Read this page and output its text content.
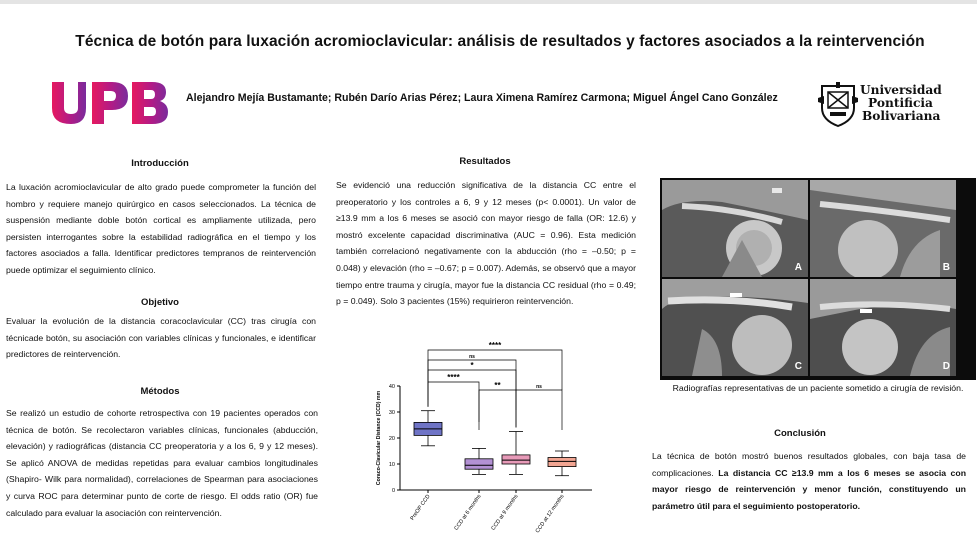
Técnica de botón para luxación acromioclavicular: análisis de resultados y factores asociados a la reintervención
UPB
Alejandro Mejía Bustamante; Rubén Darío Arias Pérez; Laura Ximena Ramírez Carmona; Miguel Ángel Cano González
Universidad
Pontificia
Bolivariana
Introducción
La luxación acromioclavicular de alto grado puede comprometer la función del hombro y requiere manejo quirúrgico en casos seleccionados. La técnica de suspensión mediante doble botón cortical es ampliamente utilizada, pero persisten interrogantes sobre la estabilidad radiográfica en el tiempo y los factores asociados a falla. Identificar predictores tempranos de reintervención puede optimizar el seguimiento clínico.
Objetivo
Evaluar la evolución de la distancia coracoclavicular (CC) tras cirugía con técnicade botón, su asociación con variables clínicas y funcionales, e identificar predictores de reintervención.
Métodos
Se realizó un estudio de cohorte retrospectiva con 19 pacientes operados con técnica de botón. Se recolectaron variables clínicas, funcionales (abducción, elevación) y radiográficas (distancia CC preoperatoria y a los 6, 9 y 12 meses). Se aplicó ANOVA de medidas repetidas para evaluar cambios longitudinales (Shapiro- Wilk para normalidad), correlaciones de Spearman para asociaciones y curva ROC para determinar punto de corte de riesgo. El odds ratio (OR) fue calculado para evaluar la asociación con reintervención.
Resultados
Se evidenció una reducción significativa de la distancia CC entre el preoperatorio y los controles a 6, 9 y 12 meses (p< 0.0001). Un valor de ≥13.9 mm a los 6 meses se asoció con mayor riesgo de falla (OR: 12.6) y mostró excelente capacidad discriminativa (AUC = 0.96). Esta medición también correlacionó negativamente con la abducción (rho = –0.50; p = 0.048) y elevación (rho = –0.67; p = 0.007). Además, se observó que a mayor tiempo entre trauma y cirugía, mayor fue la distancia CC residual (rho = 0.49; p = 0.049). Solo 3 pacientes (15%) requirieron reintervención.
0
10
20
30
40
Coraco-Clavicular Distance (CCD) mm
PreOP CCD	CCD at 6 months CCD at 9 months	CCD at 12 months
****
ns
*
****
**	ns
A	B
C	D
Radiografías representativas de un paciente sometido a cirugía de revisión.
Conclusión
La técnica de botón mostró buenos resultados globales, con baja tasa de complicaciones. La distancia CC ≥13.9 mm a los 6 meses se asocia con mayor riesgo de reintervención y menor función, constituyendo un parámetro útil para el seguimiento postoperatorio.
